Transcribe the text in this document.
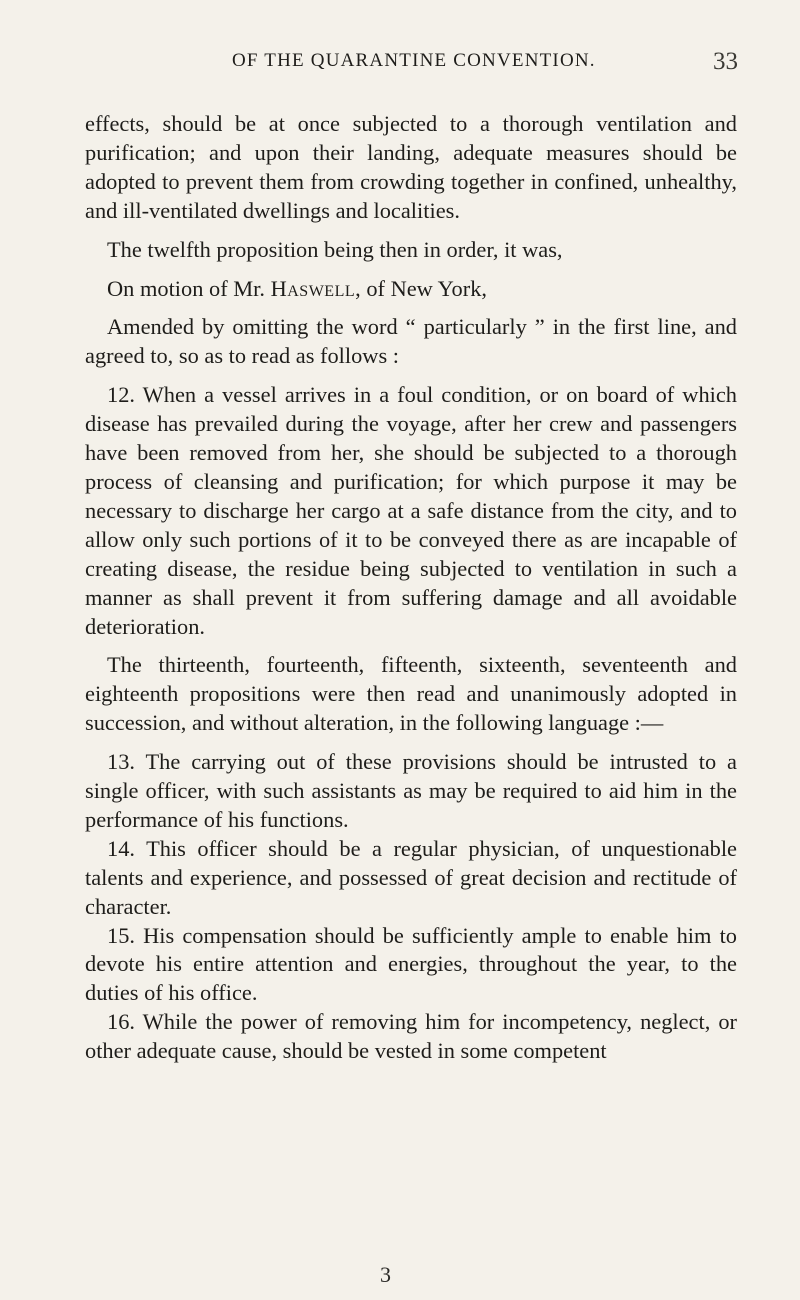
OF THE QUARANTINE CONVENTION.	33

effects, should be at once subjected to a thorough ventilation and purification; and upon their landing, adequate measures should be adopted to prevent them from crowding together in confined, unhealthy, and ill-ventilated dwellings and localities.

The twelfth proposition being then in order, it was,

On motion of Mr. Haswell, of New York,

Amended by omitting the word “ particularly ” in the first line, and agreed to, so as to read as follows :

12. When a vessel arrives in a foul condition, or on board of which disease has prevailed during the voyage, after her crew and passengers have been removed from her, she should be subjected to a thorough process of cleansing and purification; for which purpose it may be necessary to discharge her cargo at a safe distance from the city, and to allow only such portions of it to be conveyed there as are incapable of creating disease, the residue being subjected to ventilation in such a manner as shall prevent it from suffering damage and all avoidable deterioration.

The thirteenth, fourteenth, fifteenth, sixteenth, seventeenth and eighteenth propositions were then read and unanimously adopted in succession, and without alteration, in the following language :—

13. The carrying out of these provisions should be intrusted to a single officer, with such assistants as may be required to aid him in the performance of his functions.

14. This officer should be a regular physician, of unquestionable talents and experience, and possessed of great decision and rectitude of character.

15. His compensation should be sufficiently ample to enable him to devote his entire attention and energies, throughout the year, to the duties of his office.

16. While the power of removing him for incompetency, neglect, or other adequate cause, should be vested in some competent

3
